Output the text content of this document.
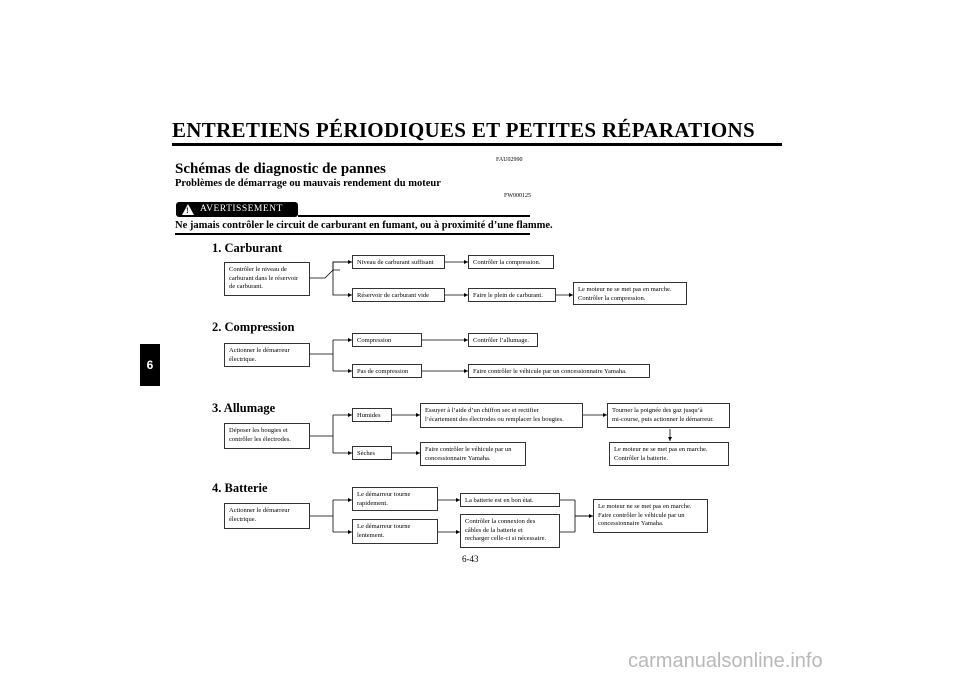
ENTRETIENS PÉRIODIQUES ET PETITES RÉPARATIONS
FAU02990
Schémas de diagnostic de pannes
Problèmes de démarrage ou mauvais rendement du moteur
FW000125
! AVERTISSEMENT
Ne jamais contrôler le circuit de carburant en fumant, ou à proximité d’une flamme.
1. Carburant
Contrôler le niveau de
carburant dans le réservoir
de carburant.
Niveau de carburant suffisant	Contrôler la compression.
Réservoir de carburant vide	Faire le plein de carburant.
Le moteur ne se met pas en marche.
Contrôler la compression.
2. Compression
Actionner le démarreur
électrique.
Compression	Contrôler l’allumage.
Pas de compression	Faire contrôler le véhicule par un concessionnaire Yamaha.
3. Allumage
Déposer les bougies et
contrôler les électrodes.
Humides
Essuyer à l’aide d’un chiffon sec et rectifier
l’écartement des électrodes ou remplacer les bougies.
Tourner la poignée des gaz jusqu’à
mi-course, puis actionner le démarreur.
Le moteur ne se met pas en marche.
Contrôler la batterie.
Sèches
Faire contrôler le véhicule par un
concessionnaire Yamaha.
4. Batterie
Actionner le démarreur
électrique.
Le démarreur tourne
rapidement.	La batterie est en bon état.
Le démarreur tourne
lentement.
Contrôler la connexion des
câbles de la batterie et
recharger celle-ci si nécessaire.
Le moteur ne se met pas en marche.
Faire contrôler le véhicule par un
concessionnaire Yamaha.
6
6-43
carmanualsonline.info
